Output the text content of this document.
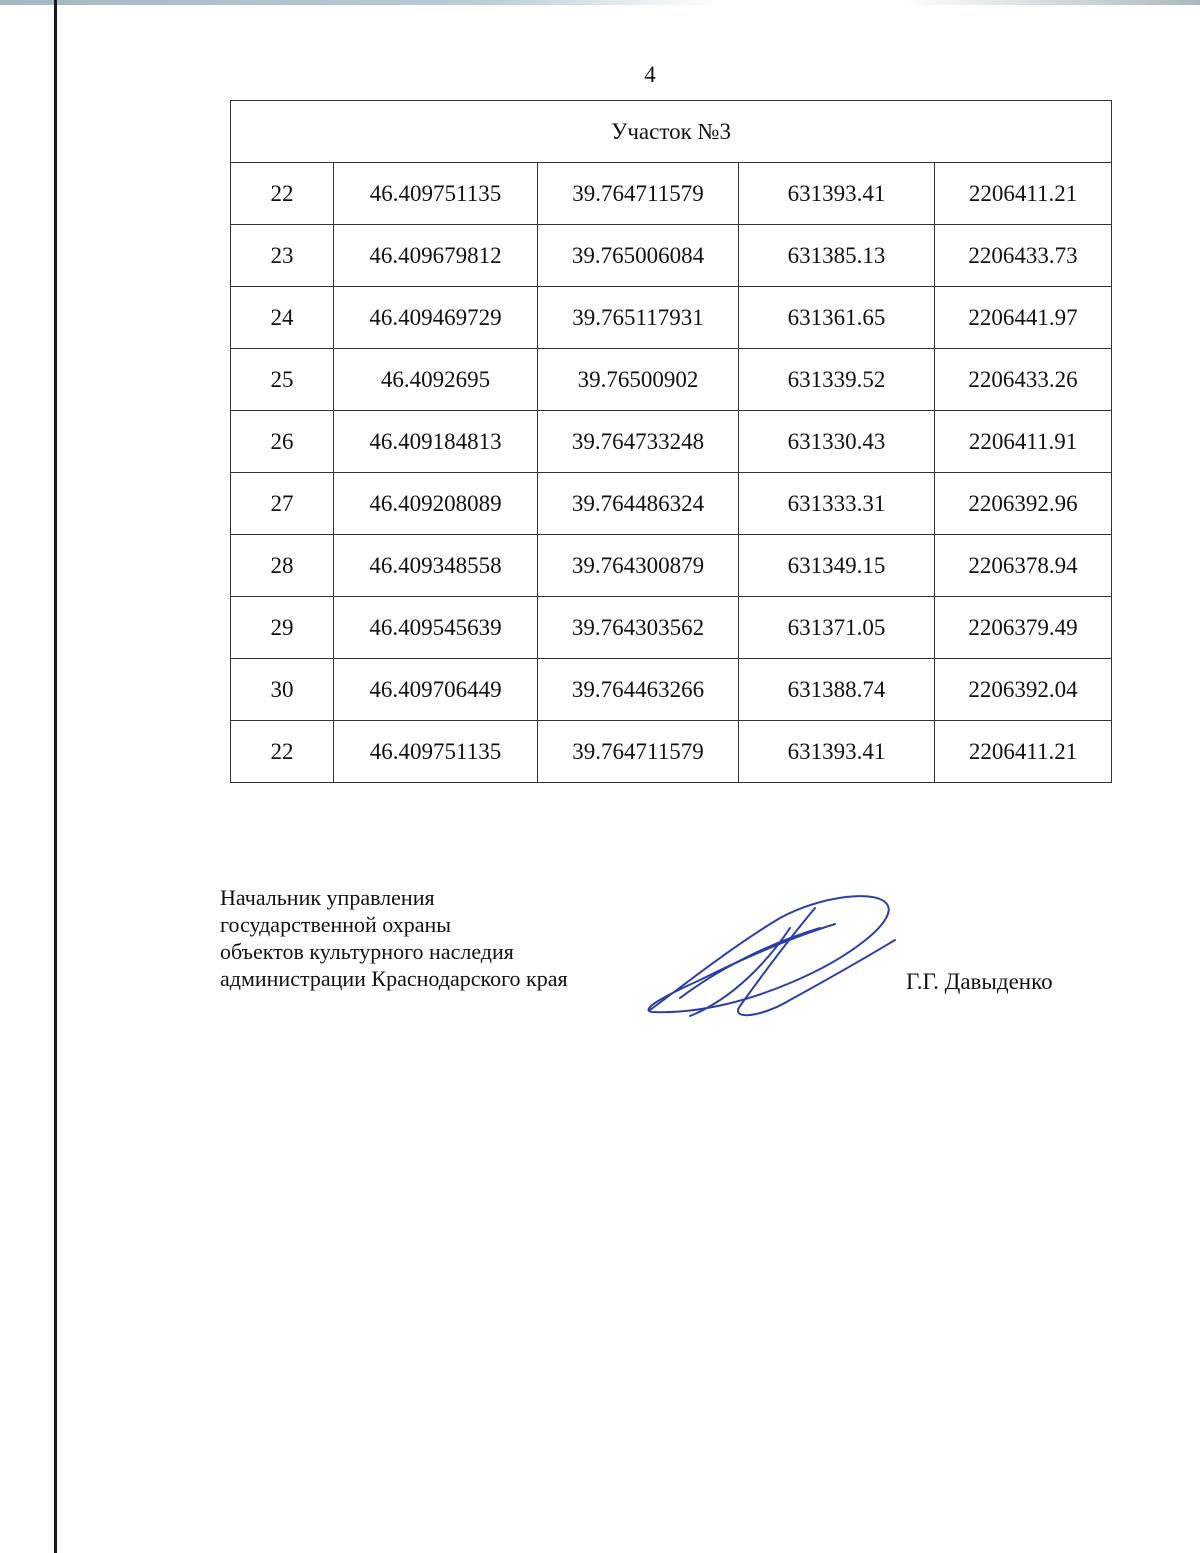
4
Участок №3				
22	46.409751135	39.764711579	631393.41	2206411.21
23	46.409679812	39.765006084	631385.13	2206433.73
24	46.409469729	39.765117931	631361.65	2206441.97
25	46.4092695	39.76500902	631339.52	2206433.26
26	46.409184813	39.764733248	631330.43	2206411.91
27	46.409208089	39.764486324	631333.31	2206392.96
28	46.409348558	39.764300879	631349.15	2206378.94
29	46.409545639	39.764303562	631371.05	2206379.49
30	46.409706449	39.764463266	631388.74	2206392.04
22	46.409751135	39.764711579	631393.41	2206411.21
Начальник управления
государственной охраны
объектов культурного наследия
администрации Краснодарского края	Г.Г. Давыденко
